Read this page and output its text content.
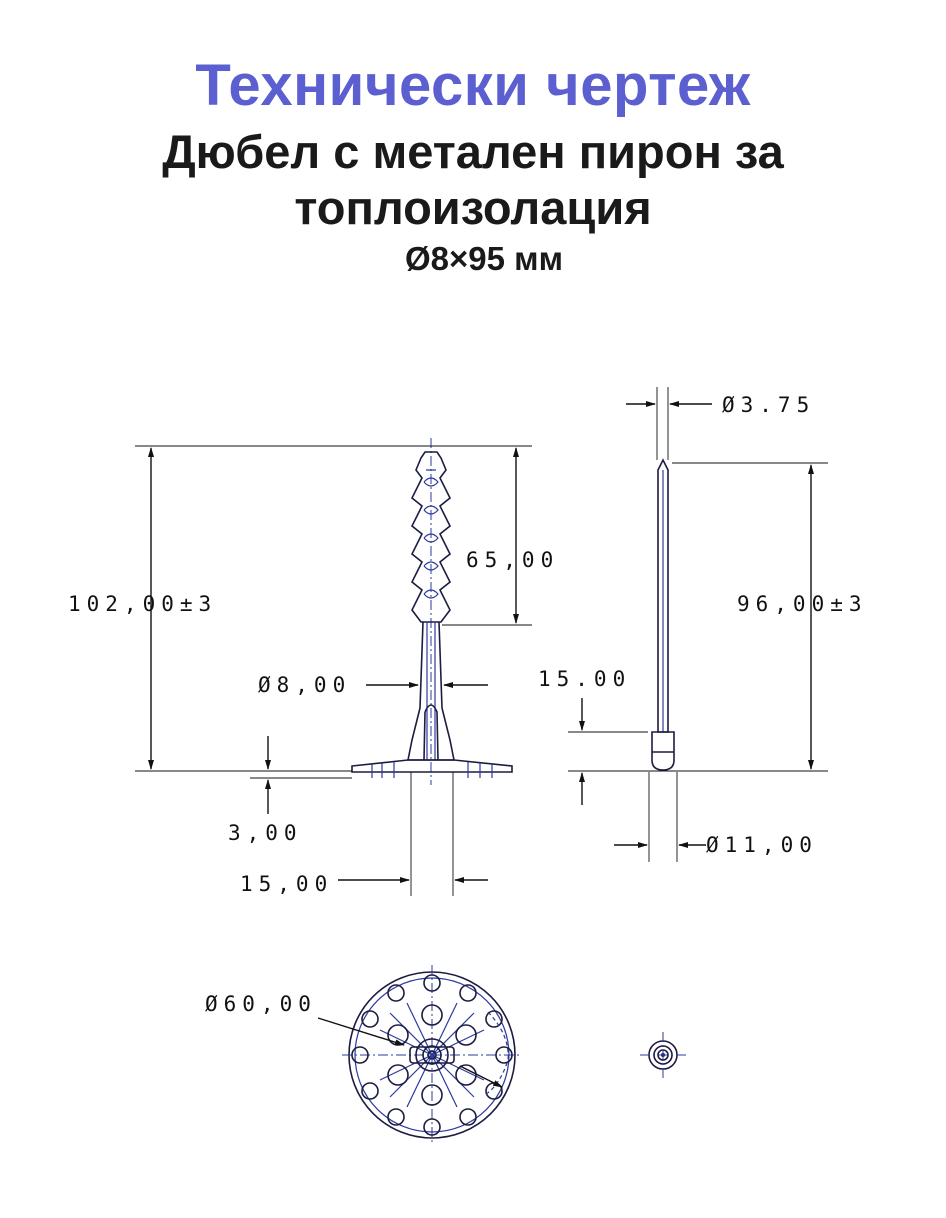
Технически чертеж
Дюбел с метален пирон за
топлоизолация
Ø8×95 мм
102,00±3
65,00
Ø8,00
3,00
15,00
Ø3.75
96,00±3
15.00
Ø11,00
Ø60,00
